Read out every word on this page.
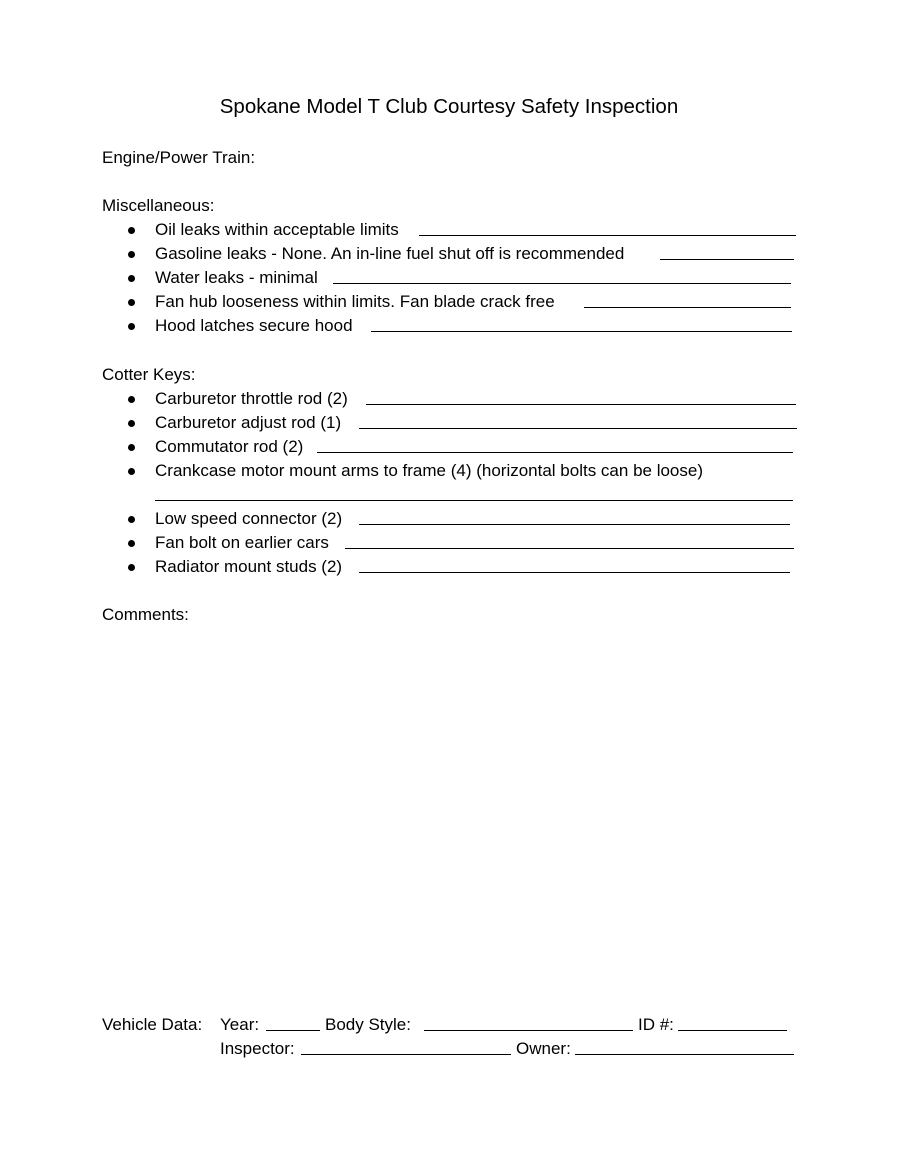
Spokane Model T Club Courtesy Safety Inspection
Engine/Power Train:
Miscellaneous:
Oil leaks within acceptable limits
Gasoline leaks - None. An in-line fuel shut off is recommended
Water leaks - minimal
Fan hub looseness within limits. Fan blade crack free
Hood latches secure hood
Cotter Keys:
Carburetor throttle rod (2)
Carburetor adjust rod (1)
Commutator rod (2)
Crankcase motor mount arms to frame (4) (horizontal bolts can be loose)
Low speed connector (2)
Fan bolt on earlier cars
Radiator mount studs (2)
Comments:
Vehicle Data: Year:	Body Style:	ID #:
Inspector:	Owner:
